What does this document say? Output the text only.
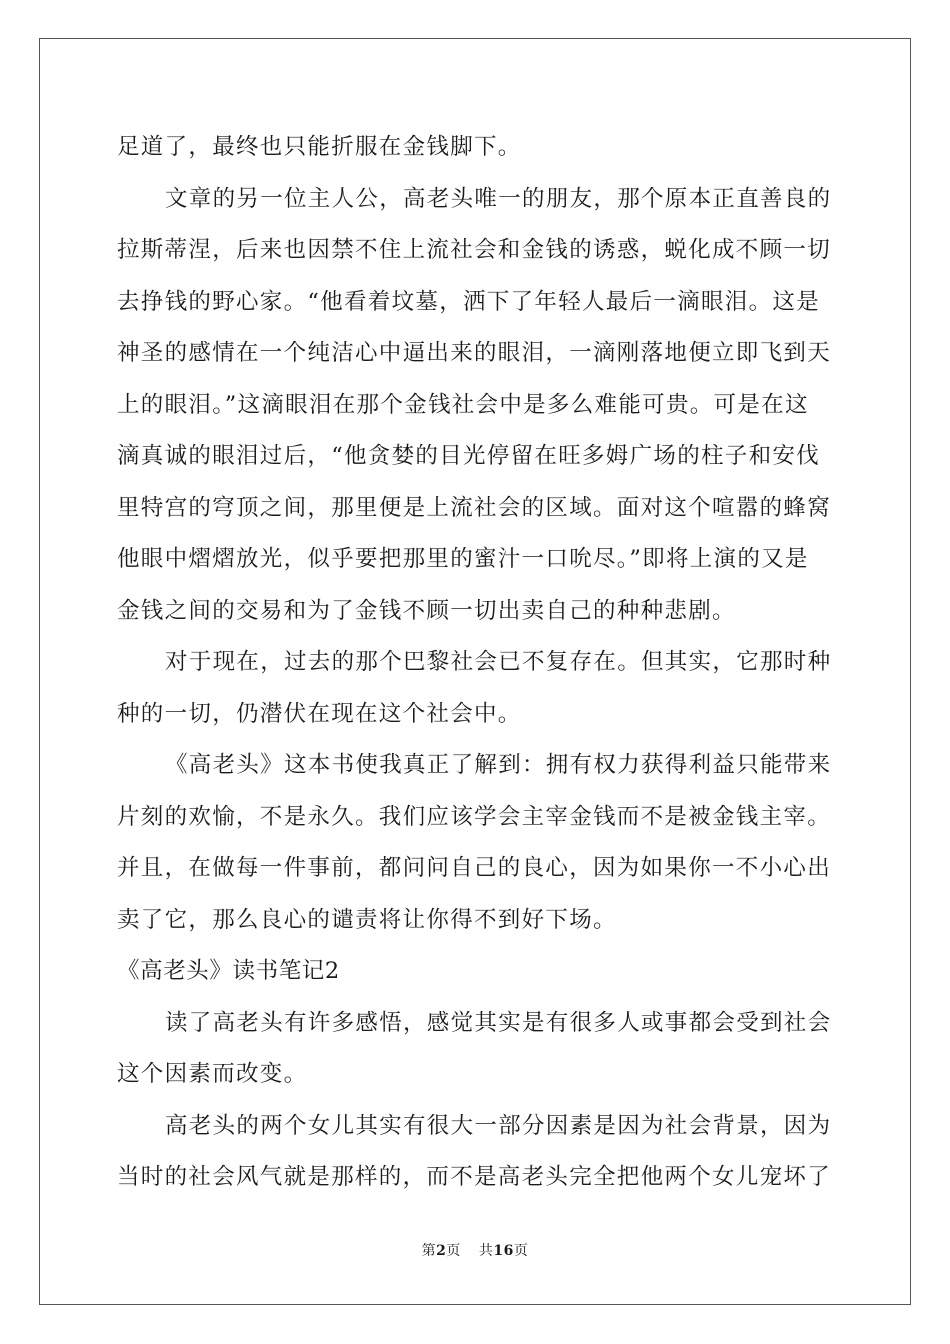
足道了，最终也只能折服在金钱脚下。
文章的另一位主人公，高老头唯一的朋友，那个原本正直善良的
拉斯蒂涅，后来也因禁不住上流社会和金钱的诱惑，蜕化成不顾一切
去挣钱的野心家。“他看着坟墓，洒下了年轻人最后一滴眼泪。这是
神圣的感情在一个纯洁心中逼出来的眼泪，一滴刚落地便立即飞到天
上的眼泪。”这滴眼泪在那个金钱社会中是多么难能可贵。可是在这
滴真诚的眼泪过后，“他贪婪的目光停留在旺多姆广场的柱子和安伐
里特宫的穹顶之间，那里便是上流社会的区域。面对这个喧嚣的蜂窝
他眼中熠熠放光，似乎要把那里的蜜汁一口吮尽。”即将上演的又是
金钱之间的交易和为了金钱不顾一切出卖自己的种种悲剧。
对于现在，过去的那个巴黎社会已不复存在。但其实，它那时种
种的一切，仍潜伏在现在这个社会中。
《高老头》这本书使我真正了解到：拥有权力获得利益只能带来
片刻的欢愉，不是永久。我们应该学会主宰金钱而不是被金钱主宰。
并且，在做每一件事前，都问问自己的良心，因为如果你一不小心出
卖了它，那么良心的谴责将让你得不到好下场。
《高老头》读书笔记2
读了高老头有许多感悟，感觉其实是有很多人或事都会受到社会
这个因素而改变。
高老头的两个女儿其实有很大一部分因素是因为社会背景，因为
当时的社会风气就是那样的，而不是高老头完全把他两个女儿宠坏了
第2页 共16页
